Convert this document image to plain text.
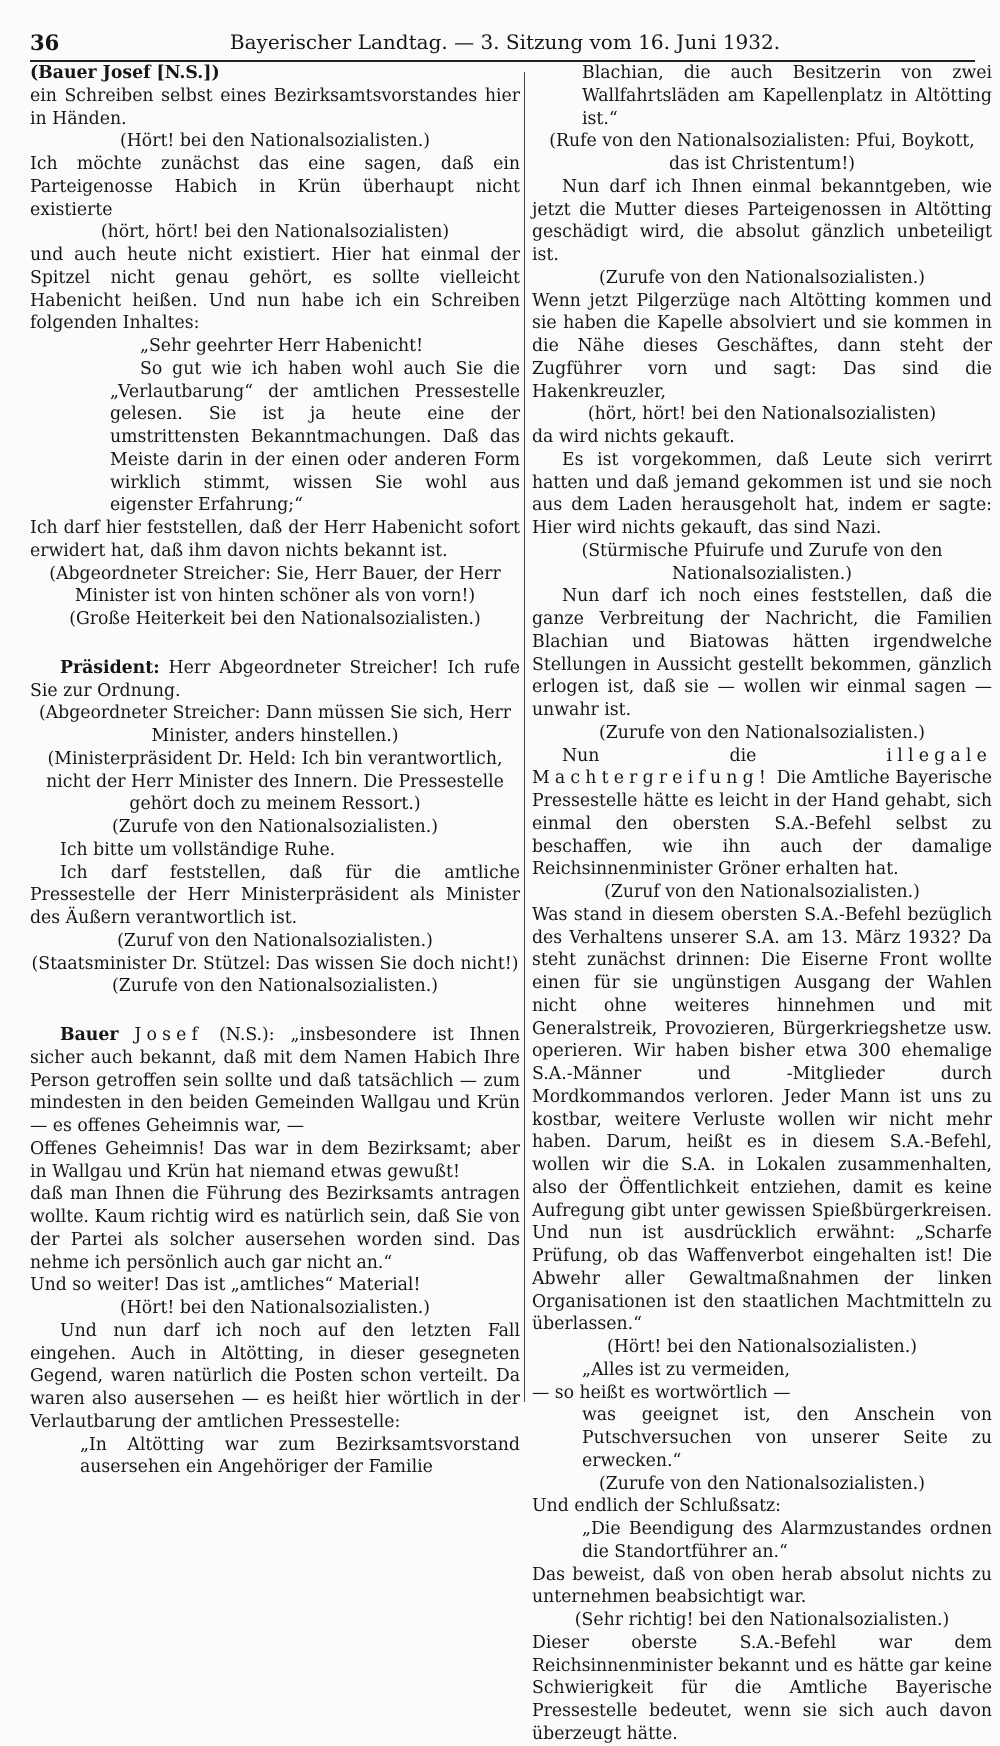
36	Bayerischer Landtag. — 3. Sitzung vom 16. Juni 1932.

(Bauer Josef [N.S.])

ein Schreiben selbst eines Bezirksamtsvorstandes hier in Händen.

(Hört! bei den Nationalsozialisten.)

Ich möchte zunächst das eine sagen, daß ein Parteigenosse Habich in Krün überhaupt nicht existierte

(hört, hört! bei den Nationalsozialisten)

und auch heute nicht existiert. Hier hat einmal der Spitzel nicht genau gehört, es sollte vielleicht Habenicht heißen. Und nun habe ich ein Schreiben folgenden Inhaltes:

„Sehr geehrter Herr Habenicht!

So gut wie ich haben wohl auch Sie die „Verlautbarung“ der amtlichen Pressestelle gelesen. Sie ist ja heute eine der umstrittensten Bekanntmachungen. Daß das Meiste darin in der einen oder anderen Form wirklich stimmt, wissen Sie wohl aus eigenster Erfahrung;“

Ich darf hier feststellen, daß der Herr Habenicht sofort erwidert hat, daß ihm davon nichts bekannt ist.

(Abgeordneter Streicher: Sie, Herr Bauer, der Herr Minister ist von hinten schöner als von vorn!)

(Große Heiterkeit bei den Nationalsozialisten.)

Präsident: Herr Abgeordneter Streicher! Ich rufe Sie zur Ordnung.

(Abgeordneter Streicher: Dann müssen Sie sich, Herr Minister, anders hinstellen.)

(Ministerpräsident Dr. Held: Ich bin verantwortlich, nicht der Herr Minister des Innern. Die Pressestelle gehört doch zu meinem Ressort.)

(Zurufe von den Nationalsozialisten.)

Ich bitte um vollständige Ruhe.

Ich darf feststellen, daß für die amtliche Pressestelle der Herr Ministerpräsident als Minister des Äußern verantwortlich ist.

(Zuruf von den Nationalsozialisten.)

(Staatsminister Dr. Stützel: Das wissen Sie doch nicht!)

(Zurufe von den Nationalsozialisten.)

Bauer Josef (N.S.): „insbesondere ist Ihnen sicher auch bekannt, daß mit dem Namen Habich Ihre Person getroffen sein sollte und daß tatsächlich — zum mindesten in den beiden Gemeinden Wallgau und Krün — es offenes Geheimnis war, —

Offenes Geheimnis! Das war in dem Bezirksamt; aber in Wallgau und Krün hat niemand etwas gewußt!

daß man Ihnen die Führung des Bezirksamts antragen wollte. Kaum richtig wird es natürlich sein, daß Sie von der Partei als solcher ausersehen worden sind. Das nehme ich persönlich auch gar nicht an.“

Und so weiter! Das ist „amtliches“ Material!

(Hört! bei den Nationalsozialisten.)

Und nun darf ich noch auf den letzten Fall eingehen. Auch in Altötting, in dieser gesegneten Gegend, waren natürlich die Posten schon verteilt. Da waren also ausersehen — es heißt hier wörtlich in der Verlautbarung der amtlichen Pressestelle:

„In Altötting war zum Bezirksamtsvorstand ausersehen ein Angehöriger der Familie

Blachian, die auch Besitzerin von zwei Wallfahrtsläden am Kapellenplatz in Altötting ist.“

(Rufe von den Nationalsozialisten: Pfui, Boykott, das ist Christentum!)

Nun darf ich Ihnen einmal bekanntgeben, wie jetzt die Mutter dieses Parteigenossen in Altötting geschädigt wird, die absolut gänzlich unbeteiligt ist.

(Zurufe von den Nationalsozialisten.)

Wenn jetzt Pilgerzüge nach Altötting kommen und sie haben die Kapelle absolviert und sie kommen in die Nähe dieses Geschäftes, dann steht der Zugführer vorn und sagt: Das sind die Hakenkreuzler,

(hört, hört! bei den Nationalsozialisten)

da wird nichts gekauft.

Es ist vorgekommen, daß Leute sich verirrt hatten und daß jemand gekommen ist und sie noch aus dem Laden herausgeholt hat, indem er sagte: Hier wird nichts gekauft, das sind Nazi.

(Stürmische Pfuirufe und Zurufe von den Nationalsozialisten.)

Nun darf ich noch eines feststellen, daß die ganze Verbreitung der Nachricht, die Familien Blachian und Biatowas hätten irgendwelche Stellungen in Aussicht gestellt bekommen, gänzlich erlogen ist, daß sie — wollen wir einmal sagen — unwahr ist.

(Zurufe von den Nationalsozialisten.)

Nun die	illegale Machtergreifung! Die Amtliche Bayerische Pressestelle hätte es leicht in der Hand gehabt, sich einmal den obersten S.A.-Befehl selbst zu beschaffen, wie ihn auch der damalige Reichsinnenminister Gröner erhalten hat.

(Zuruf von den Nationalsozialisten.)

Was stand in diesem obersten S.A.-Befehl bezüglich des Verhaltens unserer S.A. am 13. März 1932? Da steht zunächst drinnen: Die Eiserne Front wollte einen für sie ungünstigen Ausgang der Wahlen nicht ohne weiteres hinnehmen und mit Generalstreik, Provozieren, Bürgerkriegshetze usw. operieren. Wir haben bisher etwa 300 ehemalige S.A.-Männer und -Mitglieder durch Mordkommandos verloren. Jeder Mann ist uns zu kostbar, weitere Verluste wollen wir nicht mehr haben. Darum, heißt es in diesem S.A.-Befehl, wollen wir die S.A. in Lokalen zusammenhalten, also der Öffentlichkeit entziehen, damit es keine Aufregung gibt unter gewissen Spießbürgerkreisen. Und nun ist ausdrücklich erwähnt: „Scharfe Prüfung, ob das Waffenverbot eingehalten ist! Die Abwehr aller Gewaltmaßnahmen der linken Organisationen ist den staatlichen Machtmitteln zu überlassen.“

(Hört! bei den Nationalsozialisten.)

„Alles ist zu vermeiden,

— so heißt es wortwörtlich —

was geeignet ist, den Anschein von Putschversuchen von unserer Seite zu erwecken.“

(Zurufe von den Nationalsozialisten.)

Und endlich der Schlußsatz:

„Die Beendigung des Alarmzustandes ordnen die Standortführer an.“

Das beweist, daß von oben herab absolut nichts zu unternehmen beabsichtigt war.

(Sehr richtig! bei den Nationalsozialisten.)

Dieser oberste S.A.-Befehl war dem Reichsinnenminister bekannt und es hätte gar keine Schwierigkeit für die Amtliche Bayerische Pressestelle bedeutet, wenn sie sich auch davon überzeugt hätte.
